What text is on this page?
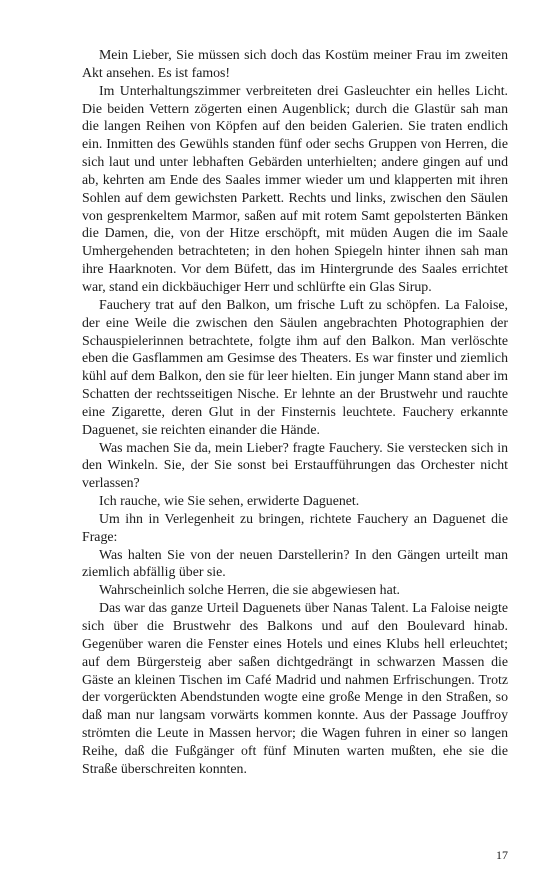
Mein Lieber, Sie müssen sich doch das Kostüm meiner Frau im zweiten Akt ansehen. Es ist famos!

Im Unterhaltungszimmer verbreiteten drei Gasleuchter ein helles Licht. Die beiden Vettern zögerten einen Augenblick; durch die Glastür sah man die langen Reihen von Köpfen auf den beiden Galerien. Sie traten endlich ein. Inmitten des Gewühls standen fünf oder sechs Gruppen von Herren, die sich laut und unter lebhaften Gebärden unterhielten; andere gingen auf und ab, kehrten am Ende des Saales immer wieder um und klapperten mit ihren Sohlen auf dem gewichsten Parkett. Rechts und links, zwischen den Säulen von gesprenkeltem Marmor, saßen auf mit rotem Samt gepolsterten Bänken die Damen, die, von der Hitze erschöpft, mit müden Augen die im Saale Umhergehenden betrachteten; in den hohen Spiegeln hinter ihnen sah man ihre Haarknoten. Vor dem Büfett, das im Hintergrunde des Saales errichtet war, stand ein dickbäuchiger Herr und schlürfte ein Glas Sirup.

Fauchery trat auf den Balkon, um frische Luft zu schöpfen. La Faloise, der eine Weile die zwischen den Säulen angebrachten Photographien der Schauspielerinnen betrachtete, folgte ihm auf den Balkon. Man verlöschte eben die Gasflammen am Gesimse des Theaters. Es war finster und ziemlich kühl auf dem Balkon, den sie für leer hielten. Ein junger Mann stand aber im Schatten der rechtsseitigen Nische. Er lehnte an der Brustwehr und rauchte eine Zigarette, deren Glut in der Finsternis leuchtete. Fauchery erkannte Daguenet, sie reichten einander die Hände.

Was machen Sie da, mein Lieber? fragte Fauchery. Sie verstecken sich in den Winkeln. Sie, der Sie sonst bei Erstaufführungen das Orchester nicht verlassen?

Ich rauche, wie Sie sehen, erwiderte Daguenet.

Um ihn in Verlegenheit zu bringen, richtete Fauchery an Daguenet die Frage:

Was halten Sie von der neuen Darstellerin? In den Gängen urteilt man ziemlich abfällig über sie.

Wahrscheinlich solche Herren, die sie abgewiesen hat.

Das war das ganze Urteil Daguenets über Nanas Talent. La Faloise neigte sich über die Brustwehr des Balkons und auf den Boulevard hinab. Gegenüber waren die Fenster eines Hotels und eines Klubs hell erleuchtet; auf dem Bürgersteig aber saßen dichtgedrängt in schwarzen Massen die Gäste an kleinen Tischen im Café Madrid und nahmen Erfrischungen. Trotz der vorgerückten Abendstunden wogte eine große Menge in den Straßen, so daß man nur langsam vorwärts kommen konnte. Aus der Passage Jouffroy strömten die Leute in Massen hervor; die Wagen fuhren in einer so langen Reihe, daß die Fußgänger oft fünf Minuten warten mußten, ehe sie die Straße überschreiten konnten.

17
